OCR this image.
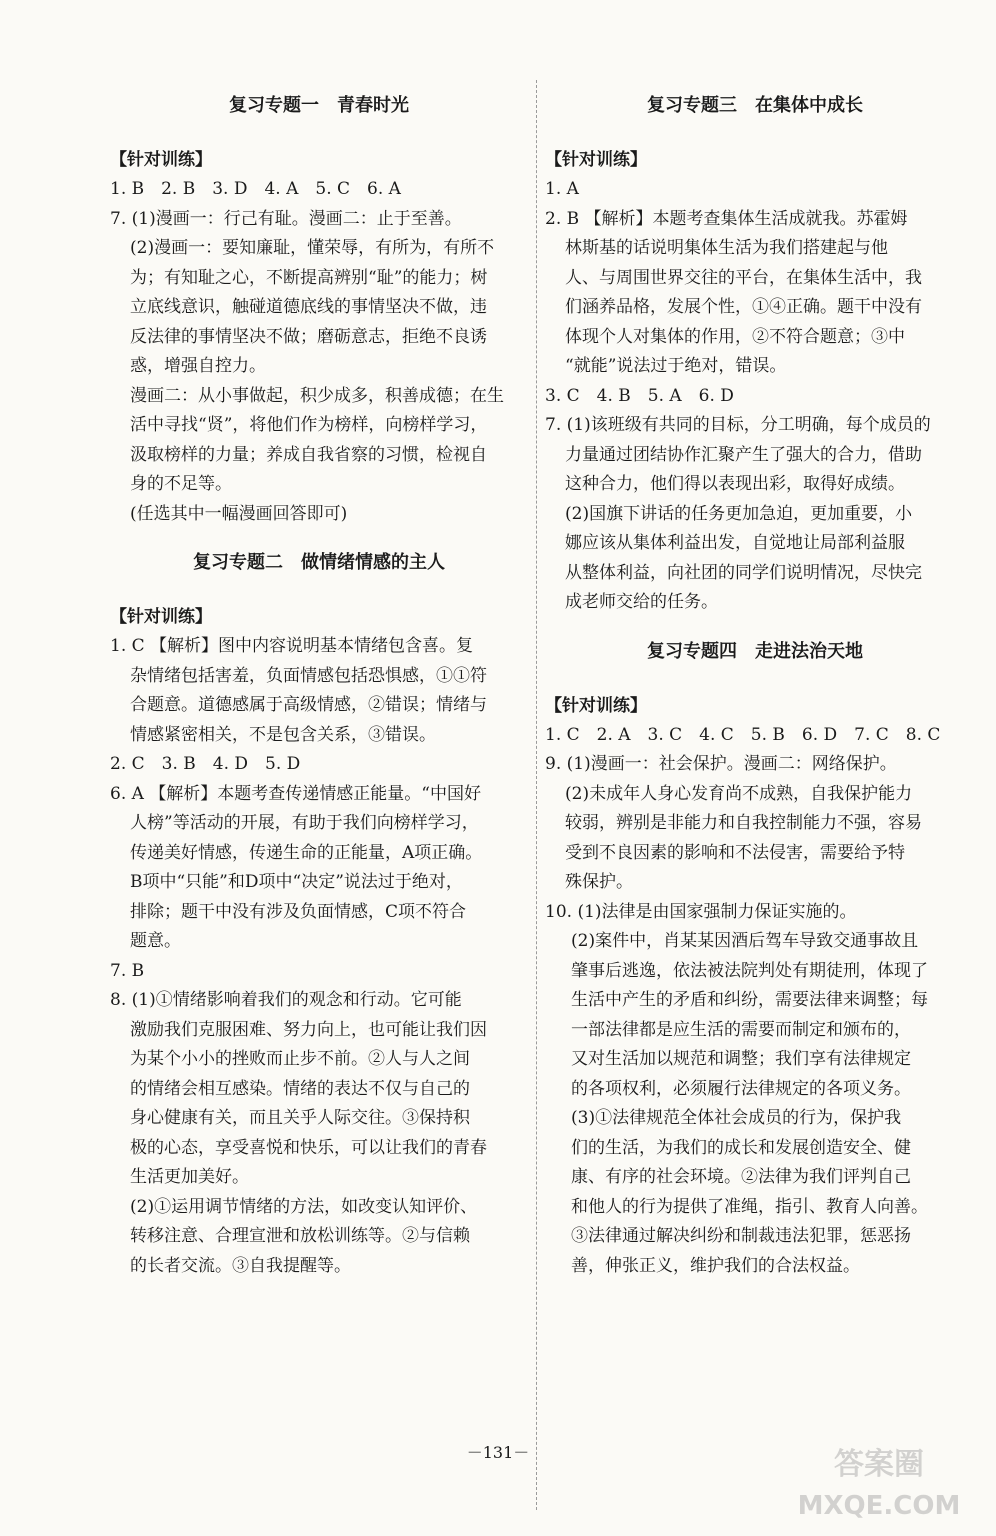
复习专题一　青春时光
【针对训练】
1. B　2. B　3. D　4. A　5. C　6. A
7. (1)漫画一：行己有耻。漫画二：止于至善。
(2)漫画一：要知廉耻，懂荣辱，有所为，有所不
为；有知耻之心，不断提高辨别“耻”的能力；树
立底线意识，触碰道德底线的事情坚决不做，违
反法律的事情坚决不做；磨砺意志，拒绝不良诱
惑，增强自控力。
漫画二：从小事做起，积少成多，积善成德；在生
活中寻找“贤”，将他们作为榜样，向榜样学习，
汲取榜样的力量；养成自我省察的习惯，检视自
身的不足等。
(任选其中一幅漫画回答即可)
复习专题二　做情绪情感的主人
【针对训练】
1. C 【解析】图中内容说明基本情绪包含喜。复
杂情绪包括害羞，负面情感包括恐惧感，①①符
合题意。道德感属于高级情感，②错误；情绪与
情感紧密相关，不是包含关系，③错误。
2. C　3. B　4. D　5. D
6. A 【解析】本题考查传递情感正能量。“中国好
人榜”等活动的开展，有助于我们向榜样学习，
传递美好情感，传递生命的正能量，A项正确。
B项中“只能”和D项中“决定”说法过于绝对，
排除；题干中没有涉及负面情感，C项不符合
题意。
7. B
8. (1)①情绪影响着我们的观念和行动。它可能
激励我们克服困难、努力向上，也可能让我们因
为某个小小的挫败而止步不前。②人与人之间
的情绪会相互感染。情绪的表达不仅与自己的
身心健康有关，而且关乎人际交往。③保持积
极的心态，享受喜悦和快乐，可以让我们的青春
生活更加美好。
(2)①运用调节情绪的方法，如改变认知评价、
转移注意、合理宣泄和放松训练等。②与信赖
的长者交流。③自我提醒等。
复习专题三　在集体中成长
【针对训练】
1. A
2. B 【解析】本题考查集体生活成就我。苏霍姆
林斯基的话说明集体生活为我们搭建起与他
人、与周围世界交往的平台，在集体生活中，我
们涵养品格，发展个性，①④正确。题干中没有
体现个人对集体的作用，②不符合题意；③中
“就能”说法过于绝对，错误。
3. C　4. B　5. A　6. D
7. (1)该班级有共同的目标，分工明确，每个成员的
力量通过团结协作汇聚产生了强大的合力，借助
这种合力，他们得以表现出彩，取得好成绩。
(2)国旗下讲话的任务更加急迫，更加重要，小
娜应该从集体利益出发，自觉地让局部利益服
从整体利益，向社团的同学们说明情况，尽快完
成老师交给的任务。
复习专题四　走进法治天地
【针对训练】
1. C　2. A　3. C　4. C　5. B　6. D　7. C　8. C
9. (1)漫画一：社会保护。漫画二：网络保护。
(2)未成年人身心发育尚不成熟，自我保护能力
较弱，辨别是非能力和自我控制能力不强，容易
受到不良因素的影响和不法侵害，需要给予特
殊保护。
10. (1)法律是由国家强制力保证实施的。
(2)案件中，肖某某因酒后驾车导致交通事故且
肇事后逃逸，依法被法院判处有期徒刑，体现了
生活中产生的矛盾和纠纷，需要法律来调整；每
一部法律都是应生活的需要而制定和颁布的，
又对生活加以规范和调整；我们享有法律规定
的各项权利，必须履行法律规定的各项义务。
(3)①法律规范全体社会成员的行为，保护我
们的生活，为我们的成长和发展创造安全、健
康、有序的社会环境。②法律为我们评判自己
和他人的行为提供了准绳，指引、教育人向善。
③法律通过解决纠纷和制裁违法犯罪，惩恶扬
善，伸张正义，维护我们的合法权益。
－131－	答案圈
MXQE.COM
